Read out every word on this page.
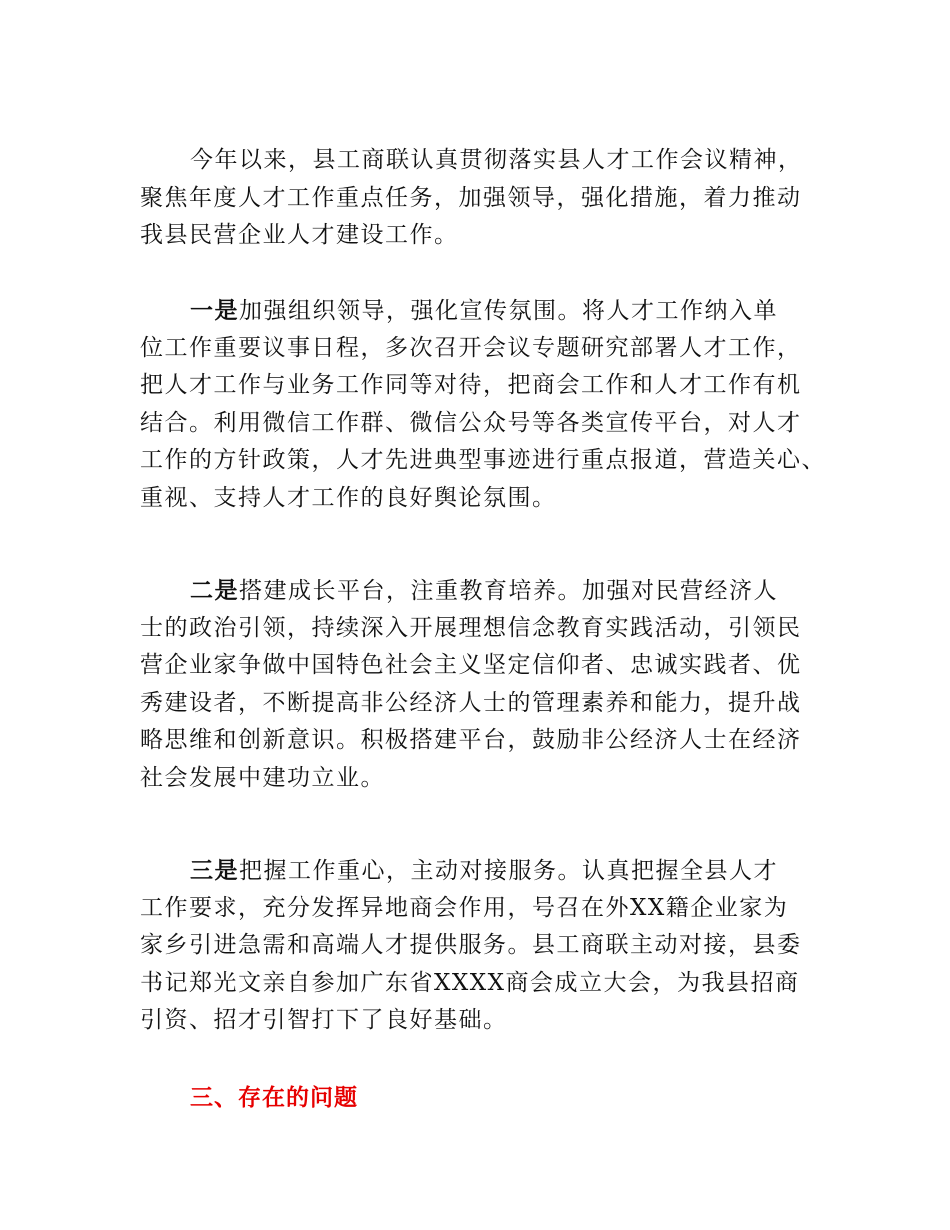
今年以来，县工商联认真贯彻落实县人才工作会议精神，
聚焦年度人才工作重点任务，加强领导，强化措施，着力推动
我县民营企业人才建设工作。
一是加强组织领导，强化宣传氛围。将人才工作纳入单
位工作重要议事日程，多次召开会议专题研究部署人才工作，
把人才工作与业务工作同等对待，把商会工作和人才工作有机
结合。利用微信工作群、微信公众号等各类宣传平台，对人才
工作的方针政策，人才先进典型事迹进行重点报道，营造关心、
重视、支持人才工作的良好舆论氛围。
二是搭建成长平台，注重教育培养。加强对民营经济人
士的政治引领，持续深入开展理想信念教育实践活动，引领民
营企业家争做中国特色社会主义坚定信仰者、忠诚实践者、优
秀建设者，不断提高非公经济人士的管理素养和能力，提升战
略思维和创新意识。积极搭建平台，鼓励非公经济人士在经济
社会发展中建功立业。
三是把握工作重心，主动对接服务。认真把握全县人才
工作要求，充分发挥异地商会作用，号召在外XX籍企业家为
家乡引进急需和高端人才提供服务。县工商联主动对接，县委
书记郑光文亲自参加广东省XXXX商会成立大会，为我县招商
引资、招才引智打下了良好基础。
三、存在的问题
